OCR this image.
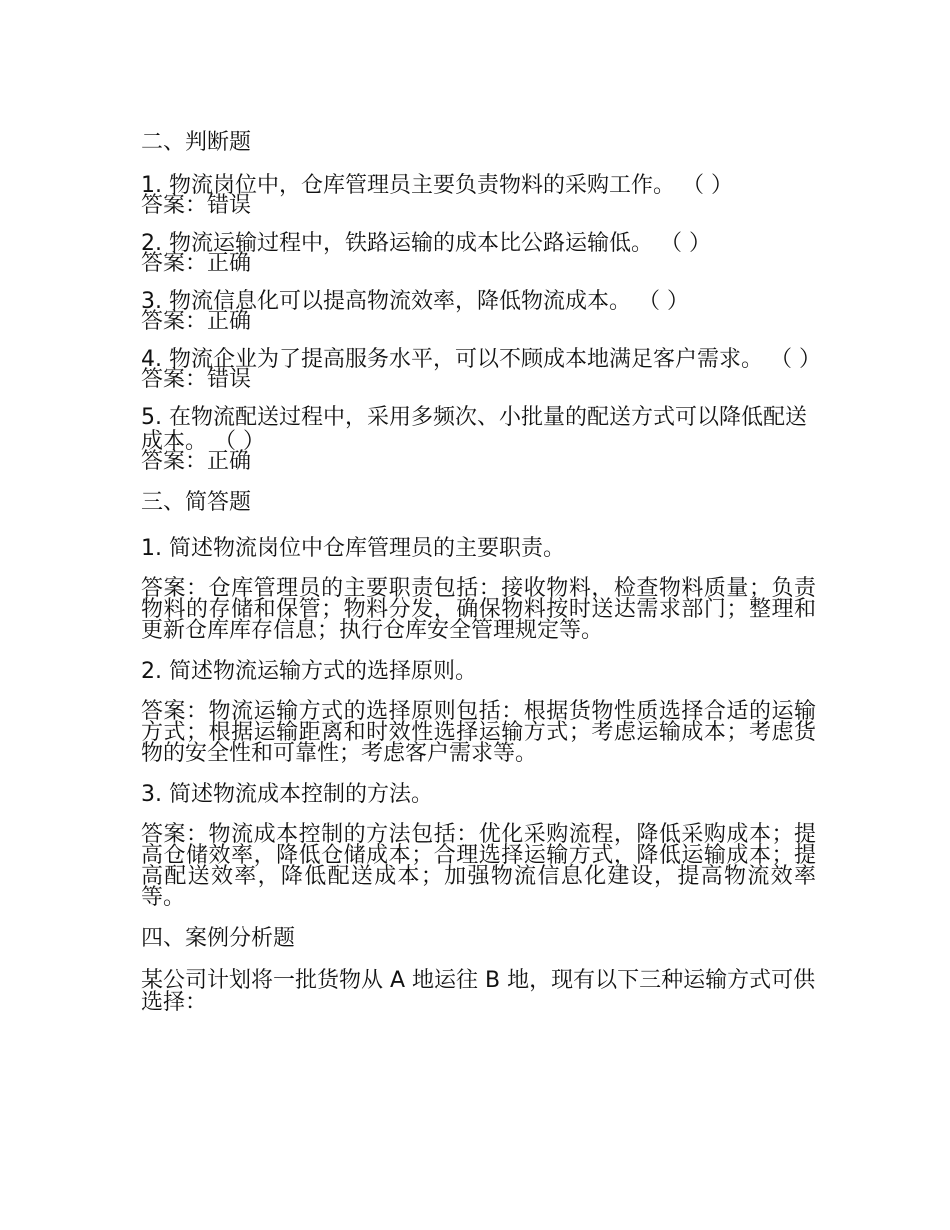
二、判断题
1. 物流岗位中，仓库管理员主要负责物料的采购工作。 （ ）
答案：错误
2. 物流运输过程中，铁路运输的成本比公路运输低。 （ ）
答案：正确
3. 物流信息化可以提高物流效率，降低物流成本。 （ ）
答案：正确
4. 物流企业为了提高服务水平，可以不顾成本地满足客户需求。 （ ）
答案：错误
5. 在物流配送过程中，采用多频次、小批量的配送方式可以降低配送成本。 （ ）
答案：正确
三、简答题
1. 简述物流岗位中仓库管理员的主要职责。
答案：仓库管理员的主要职责包括：接收物料，检查物料质量；负责物料的存储和保管；物料分发，确保物料按时送达需求部门；整理和更新仓库库存信息；执行仓库安全管理规定等。
2. 简述物流运输方式的选择原则。
答案：物流运输方式的选择原则包括：根据货物性质选择合适的运输方式；根据运输距离和时效性选择运输方式；考虑运输成本；考虑货物的安全性和可靠性；考虑客户需求等。
3. 简述物流成本控制的方法。
答案：物流成本控制的方法包括：优化采购流程，降低采购成本；提高仓储效率，降低仓储成本；合理选择运输方式，降低运输成本；提高配送效率，降低配送成本；加强物流信息化建设，提高物流效率等。
四、案例分析题
某公司计划将一批货物从 A 地运往 B 地，现有以下三种运输方式可供选择：
